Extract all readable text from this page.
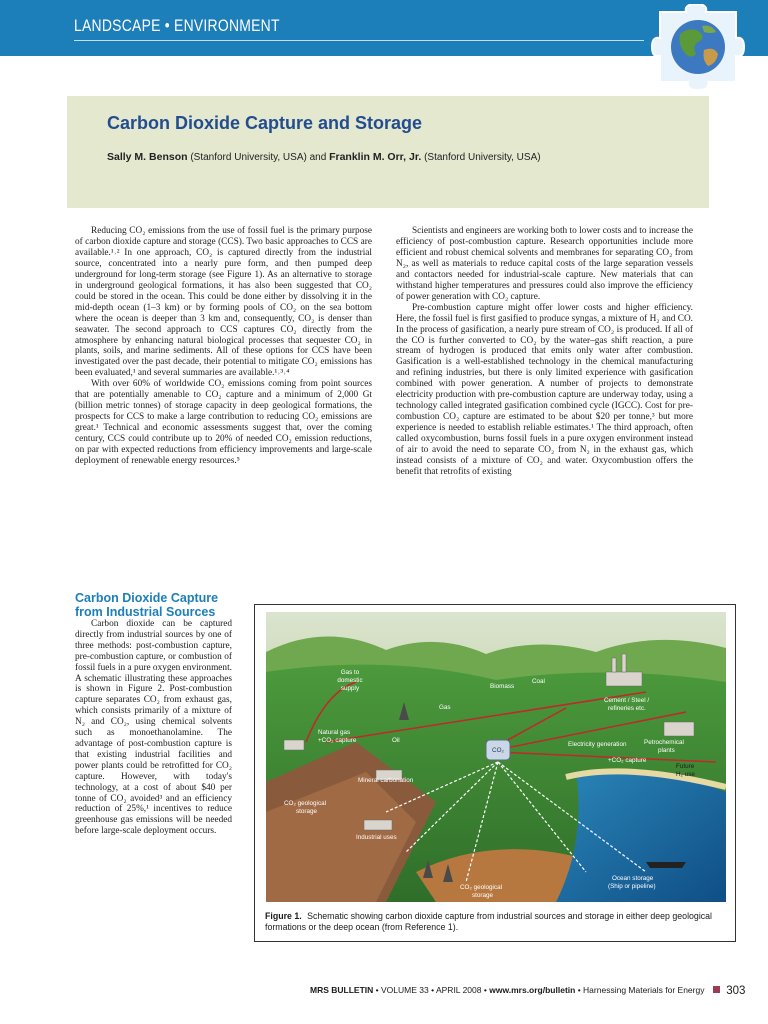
LANDSCAPE • ENVIRONMENT
Carbon Dioxide Capture and Storage
Sally M. Benson (Stanford University, USA) and Franklin M. Orr, Jr. (Stanford University, USA)

Reducing CO₂ emissions from the use of fossil fuel is the primary purpose of carbon dioxide capture and storage (CCS). Two basic approaches to CCS are available.¹˒² In one approach, CO₂ is captured directly from the industrial source, concentrated into a nearly pure form, and then pumped deep underground for long-term storage (see Figure 1). As an alternative to storage in underground geological formations, it has also been suggested that CO₂ could be stored in the ocean. This could be done either by dissolving it in the mid-depth ocean (1–3 km) or by forming pools of CO₂ on the sea bottom where the ocean is deeper than 3 km and, consequently, CO₂ is denser than seawater. The second approach to CCS captures CO₂ directly from the atmosphere by enhancing natural biological processes that sequester CO₂ in plants, soils, and marine sediments. All of these options for CCS have been investigated over the past decade, their potential to mitigate CO₂ emissions has been evaluated,¹ and several summaries are available.¹˒³˒⁴

With over 60% of worldwide CO₂ emissions coming from point sources that are potentially amenable to CO₂ capture and a minimum of 2,000 Gt (billion metric tonnes) of storage capacity in deep geological formations, the prospects for CCS to make a large contribution to reducing CO₂ emissions are great.¹ Technical and economic assessments suggest that, over the coming century, CCS could contribute up to 20% of needed CO₂ emission reductions, on par with expected reductions from efficiency improvements and large-scale deployment of renewable energy resources.⁵

Scientists and engineers are working both to lower costs and to increase the efficiency of post-combustion capture. Research opportunities include more efficient and robust chemical solvents and membranes for separating CO₂ from N₂, as well as materials to reduce capital costs of the large separation vessels and contactors needed for industrial-scale capture. New materials that can withstand higher temperatures and pressures could also improve the efficiency of power generation with CO₂ capture.

Pre-combustion capture might offer lower costs and higher efficiency. Here, the fossil fuel is first gasified to produce syngas, a mixture of H₂ and CO. In the process of gasification, a nearly pure stream of CO₂ is produced. If all of the CO is further converted to CO₂ by the water–gas shift reaction, a pure stream of hydrogen is produced that emits only water after combustion. Gasification is a well-established technology in the chemical manufacturing and refining industries, but there is only limited experience with gasification combined with power generation. A number of projects to demonstrate electricity production with pre-combustion capture are underway today, using a technology called integrated gasification combined cycle (IGCC). Cost for pre-combustion CO₂ capture are estimated to be about $20 per tonne,³ but more experience is needed to establish reliable estimates.¹ The third approach, often called oxycombustion, burns fossil fuels in a pure oxygen environment instead of air to avoid the need to separate CO₂ from N₂ in the exhaust gas, which instead consists of a mixture of CO₂ and water. Oxycombustion offers the benefit that retrofits of existing

Carbon Dioxide Capture from Industrial Sources

Carbon dioxide can be captured directly from industrial sources by one of three methods: post-combustion capture, pre-combustion capture, or combustion of fossil fuels in a pure oxygen environment. A schematic illustrating these approaches is shown in Figure 2. Post-combustion capture separates CO₂ from exhaust gas, which consists primarily of a mixture of N₂ and CO₂, using chemical solvents such as monoethanolamine. The advantage of post-combustion capture is that existing industrial facilities and power plants could be retrofitted for CO₂ capture. However, with today's technology, at a cost of about $40 per tonne of CO₂ avoided³ and an efficiency reduction of 25%,¹ incentives to reduce greenhouse gas emissions will be needed before large-scale deployment occurs.

Gas to
domestic
supply	Biomass
Coal
Gas
Cement / Steel /
refineries etc.
Natural gas
+CO₂ capture	Oil
CO₂
Electricity generation	Petrochemical
plants
+CO₂ capture
Future
H₂ use
Mineral carbonation
CO₂ geological
storage
Industrial uses
Ocean storage
(Ship or pipeline)
CO₂ geological
storage
Figure 1. Schematic showing carbon dioxide capture from industrial sources and storage in either deep geological formations or the deep ocean (from Reference 1).
MRS BULLETIN • VOLUME 33 • APRIL 2008 • www.mrs.org/bulletin • Harnessing Materials for Energy 303
